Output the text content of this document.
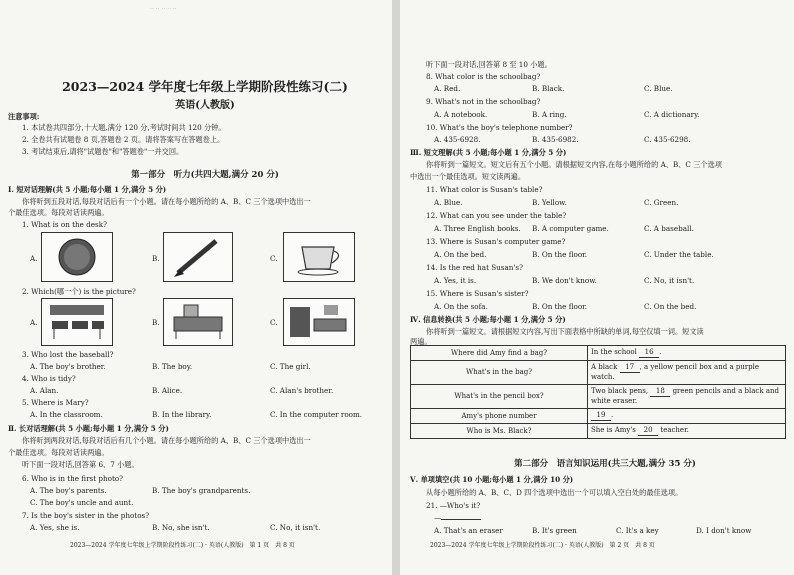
·· ·· ·· ·· ··
2023—2024 学年度七年级上学期阶段性练习(二)
英语(人教版)
注意事项:
1. 本试卷共四部分,十大题,满分 120 分,考试时间共 120 分钟。
2. 全卷共有试题卷 8 页,答题卷 2 页。请将答案写在答题卷上。
3. 考试结束后,请将"试题卷"和"答题卷"一并交回。
第一部分　听力(共四大题,满分 20 分)
Ⅰ. 短对话理解(共 5 小题;每小题 1 分,满分 5 分)
你将听到五段对话,每段对话后有一个小题。请在每小题所给的 A、B、C 三个选项中选出一
个最佳选项。每段对话读两遍。
1. What is on the desk?
A.	B.	C.
2. Which(哪一个) is the picture?
A.	B.	C.
3. Who lost the baseball?
A. The boy's brother.	B. The boy.	C. The girl.
4. Who is tidy?
A. Alan.	B. Alice.	C. Alan's brother.
5. Where is Mary?
A. In the classroom.	B. In the library.	C. In the computer room.
Ⅱ. 长对话理解(共 5 小题;每小题 1 分,满分 5 分)
你将听到两段对话,每段对话后有几个小题。请在每小题所给的 A、B、C 三个选项中选出一
个最佳选项。每段对话读两遍。
听下面一段对话,回答第 6、7 小题。
6. Who is in the first photo?
A. The boy's parents.	B. The boy's grandparents.
C. The boy's uncle and aunt.
7. Is the boy's sister in the photos?
A. Yes, she is.	B. No, she isn't.	C. No, it isn't.
2023—2024 学年度七年级上学期阶段性练习(二) · 英语(人教版)　第 1 页　共 8 页
听下面一段对话,回答第 8 至 10 小题。
8. What color is the schoolbag?
A. Red.	B. Black.	C. Blue.
9. What's not in the schoolbag?
A. A notebook.	B. A ring.	C. A dictionary.
10. What's the boy's telephone number?
A. 435-6928.	B. 435-6982.	C. 435-6298.
Ⅲ. 短文理解(共 5 小题;每小题 1 分,满分 5 分)
你将听到一篇短文。短文后有五个小题。请根据短文内容,在每小题所给的 A、B、C 三个选项
中选出一个最佳选项。短文读两遍。
11. What color is Susan's table?
A. Blue.	B. Yellow.	C. Green.
12. What can you see under the table?
A. Three English books. B. A computer game.	C. A baseball.
13. Where is Susan's computer game?
A. On the bed.	B. On the floor.	C. Under the table.
14. Is the red hat Susan's?
A. Yes, it is.	B. We don't know.	C. No, it isn't.
15. Where is Susan's sister?
A. On the sofa.	B. On the floor.	C. On the bed.
Ⅳ. 信息转换(共 5 小题;每小题 1 分,满分 5 分)
你将听到一篇短文。请根据短文内容,写出下面表格中所缺的单词,每空仅填一词。短文读
两遍。
Where did Amy find a bag?	In the school 16 .
What's in the bag?	A black 17 , a yellow pencil box and a purple watch.
What's in the pencil box?	Two black pens, 18 green pencils and a black and white eraser.
Amy's phone number	19 .
Who is Ms. Black?	She is Amy's 20 teacher.
第二部分　语言知识运用(共三大题,满分 35 分)
Ⅴ. 单项填空(共 10 小题;每小题 1 分,满分 10 分)
从每小题所给的 A、B、C、D 四个选项中选出一个可以填入空白处的最佳选项。
21. —Who's it?
—
A. That's an eraser	B. It's green	C. It's a key	D. I don't know
2023—2024 学年度七年级上学期阶段性练习(二) · 英语(人教版)　第 2 页　共 8 页
